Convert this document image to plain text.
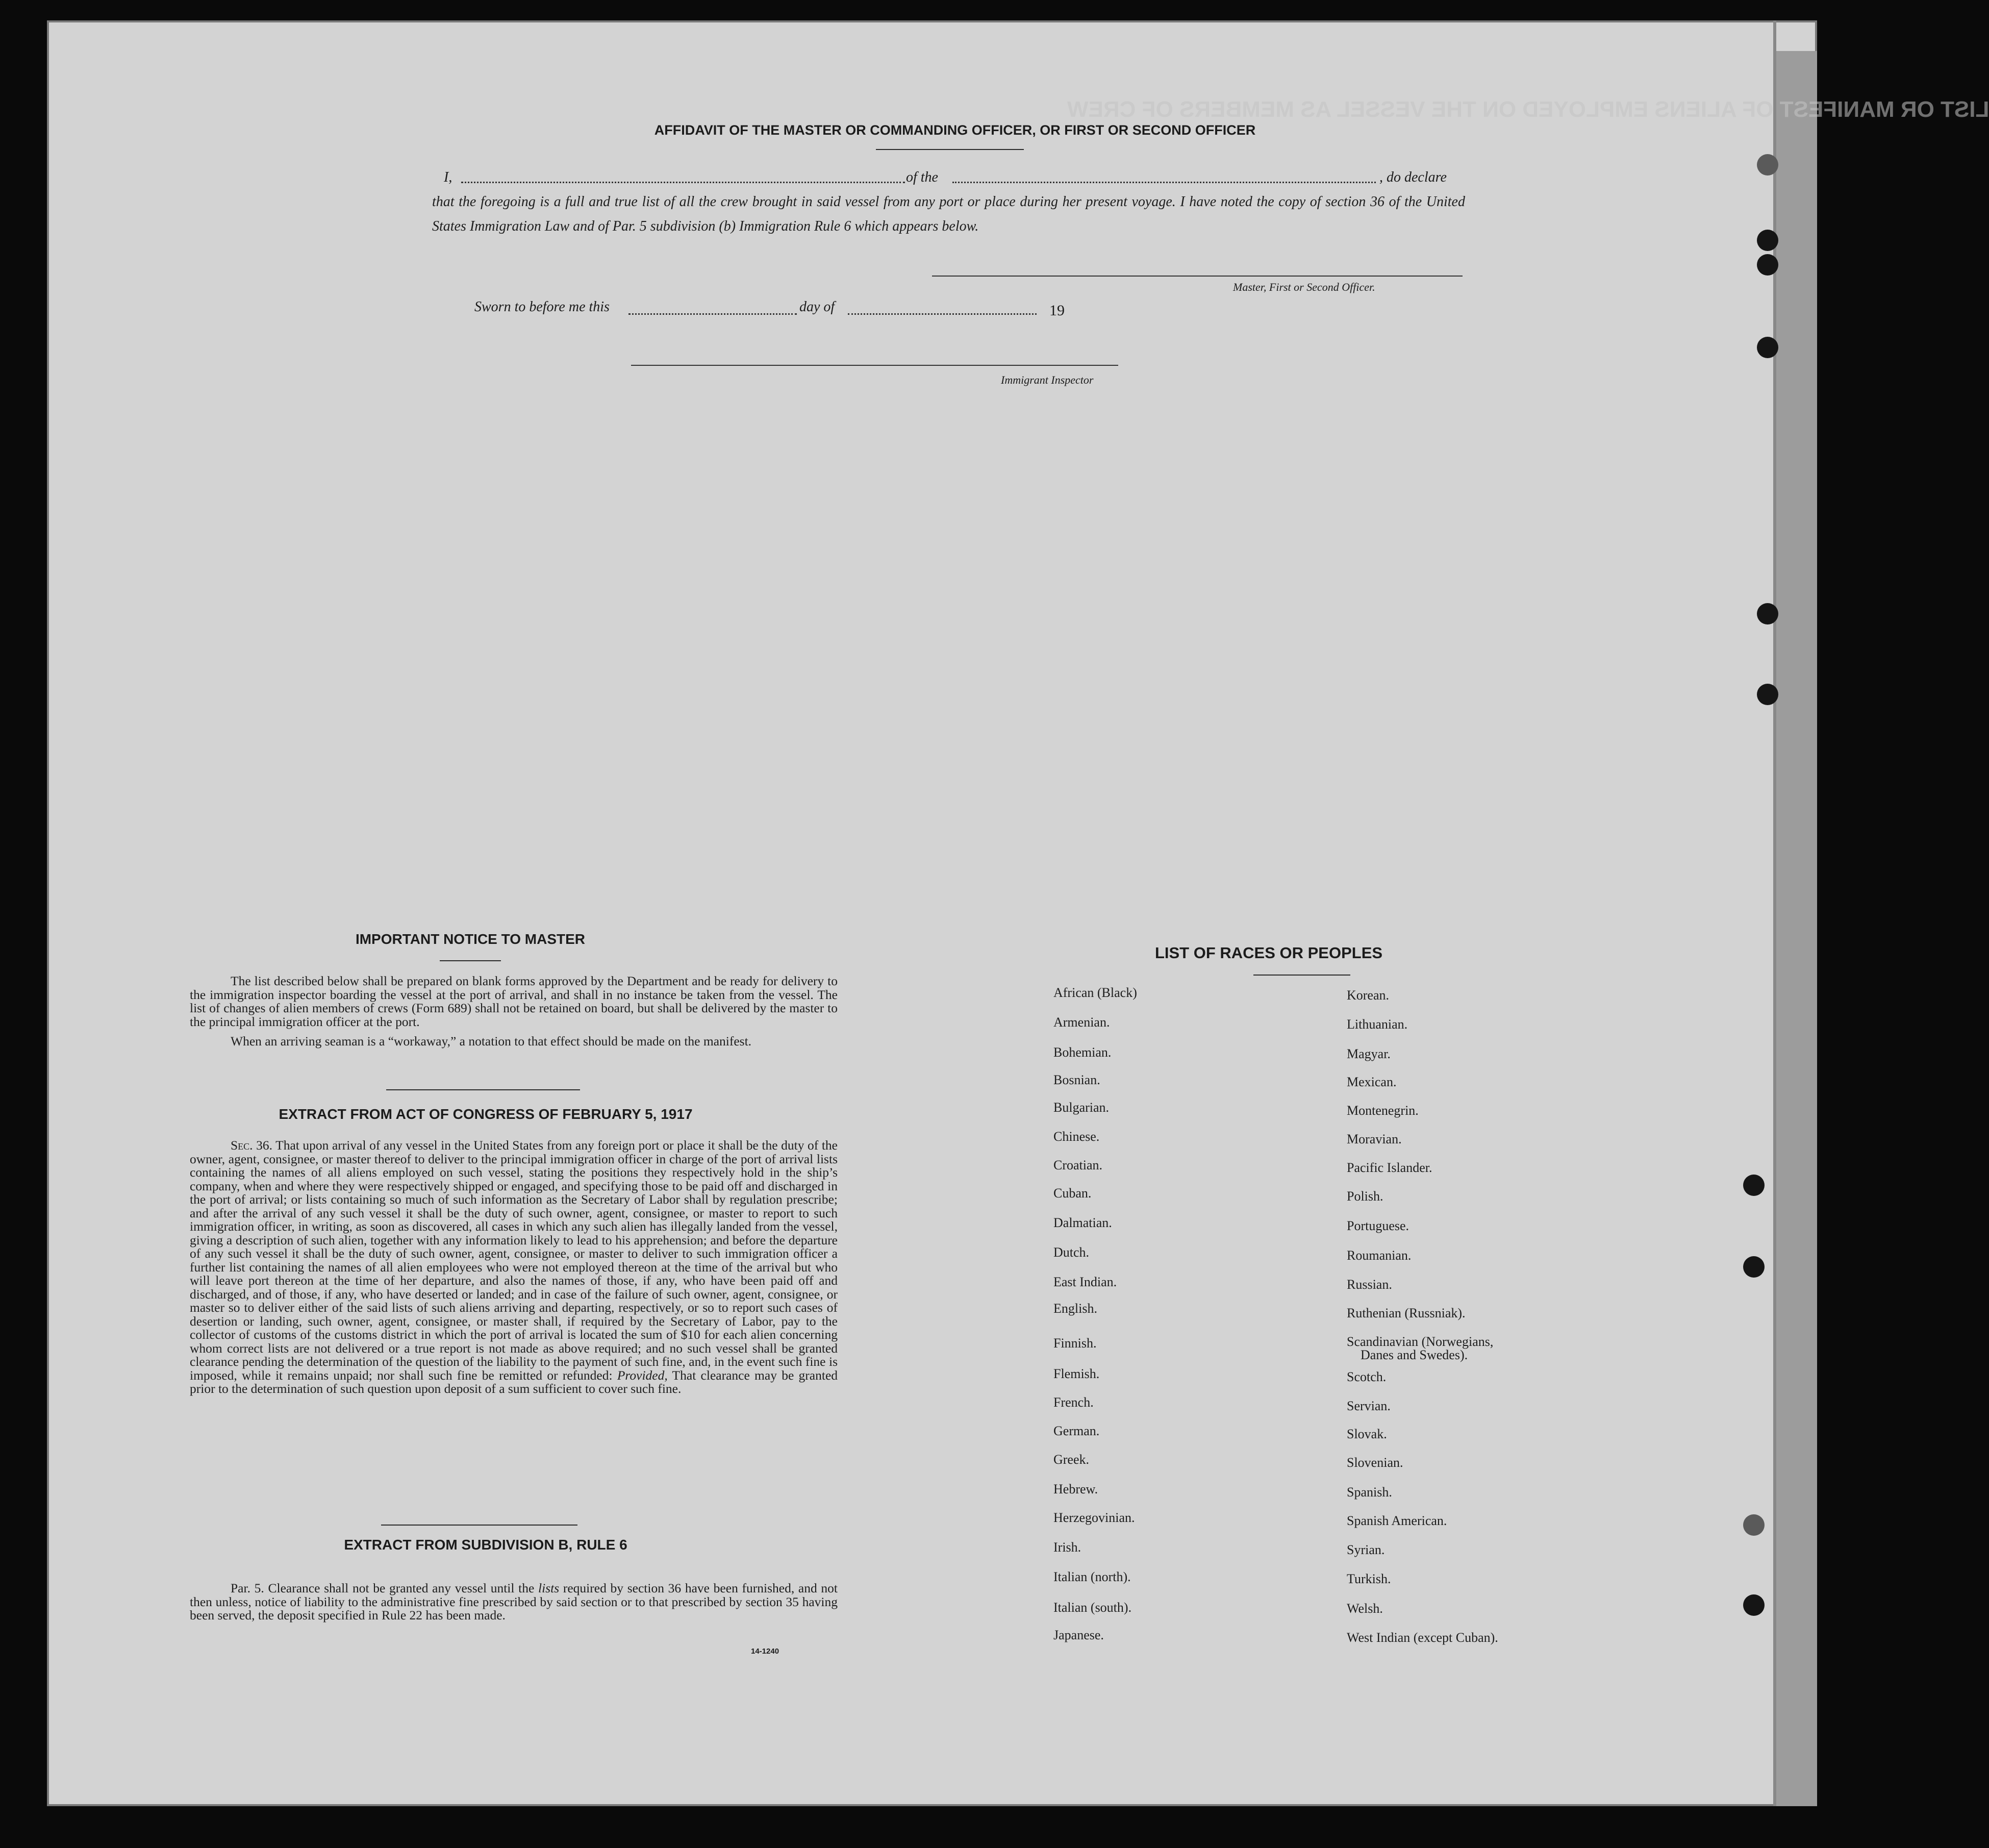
LIST OR MANIFEST OF ALIENS EMPLOYED ON THE VESSEL AS MEMBERS OF CREW
AFFIDAVIT OF THE MASTER OR COMMANDING OFFICER, OR FIRST OR SECOND OFFICER
I,	of the	, do declare
that the foregoing is a full and true list of all the crew brought in said vessel from any port or place during her present voyage. I have noted the copy of section 36 of the United States Immigration Law and of Par. 5 subdivision (b) Immigration Rule 6 which appears below.
Master, First or Second Officer.
Sworn to before me this	day of	19
Immigrant Inspector
IMPORTANT NOTICE TO MASTER
The list described below shall be prepared on blank forms approved by the Department and be ready for delivery to the immigration inspector boarding the vessel at the port of arrival, and shall in no instance be taken from the vessel. The list of changes of alien members of crews (Form 689) shall not be retained on board, but shall be delivered by the master to the principal immigration officer at the port.
When an arriving seaman is a “workaway,” a notation to that effect should be made on the manifest.
EXTRACT FROM ACT OF CONGRESS OF FEBRUARY 5, 1917
Sec. 36. That upon arrival of any vessel in the United States from any foreign port or place it shall be the duty of the owner, agent, consignee, or master thereof to deliver to the principal immigration officer in charge of the port of arrival lists containing the names of all aliens employed on such vessel, stating the positions they respectively hold in the ship’s company, when and where they were respectively shipped or engaged, and specifying those to be paid off and discharged in the port of arrival; or lists containing so much of such information as the Secretary of Labor shall by regulation prescribe; and after the arrival of any such vessel it shall be the duty of such owner, agent, consignee, or master to report to such immigration officer, in writing, as soon as discovered, all cases in which any such alien has illegally landed from the vessel, giving a description of such alien, together with any information likely to lead to his apprehension; and before the departure of any such vessel it shall be the duty of such owner, agent, consignee, or master to deliver to such immigration officer a further list containing the names of all alien employees who were not employed thereon at the time of the arrival but who will leave port thereon at the time of her departure, and also the names of those, if any, who have been paid off and discharged, and of those, if any, who have deserted or landed; and in case of the failure of such owner, agent, consignee, or master so to deliver either of the said lists of such aliens arriving and departing, respectively, or so to report such cases of desertion or landing, such owner, agent, consignee, or master shall, if required by the Secretary of Labor, pay to the collector of customs of the customs district in which the port of arrival is located the sum of $10 for each alien concerning whom correct lists are not delivered or a true report is not made as above required; and no such vessel shall be granted clearance pending the determination of the question of the liability to the payment of such fine, and, in the event such fine is imposed, while it remains unpaid; nor shall such fine be remitted or refunded: Provided, That clearance may be granted prior to the determination of such question upon deposit of a sum sufficient to cover such fine.
EXTRACT FROM SUBDIVISION B, RULE 6
Par. 5. Clearance shall not be granted any vessel until the lists required by section 36 have been furnished, and not then unless, notice of liability to the administrative fine prescribed by said section or to that prescribed by section 35 having been served, the deposit specified in Rule 22 has been made.
14-1240
LIST OF RACES OR PEOPLES
African (Black)
Armenian.
Bohemian.
Bosnian.
Bulgarian.
Chinese.
Croatian.
Cuban.
Dalmatian.
Dutch.
East Indian.
English.
Finnish.
Flemish.
French.
German.
Greek.
Hebrew.
Herzegovinian.
Irish.
Italian (north).
Italian (south).
Japanese.
Korean.
Lithuanian.
Magyar.
Mexican.
Montenegrin.
Moravian.
Pacific Islander.
Polish.
Portuguese.
Roumanian.
Russian.
Ruthenian (Russniak).
Scandinavian (Norwegians,
Danes and Swedes).
Scotch.
Servian.
Slovak.
Slovenian.
Spanish.
Spanish American.
Syrian.
Turkish.
Welsh.
West Indian (except Cuban).
